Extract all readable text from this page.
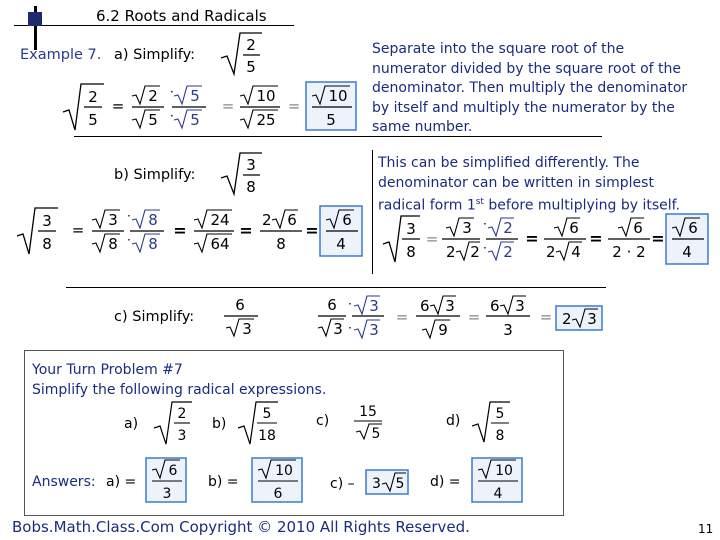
6.2 Roots and Radicals
Example 7. a) Simplify:	Separate into the square root of the numerator divided by the square root of the denominator. Then multiply the denominator by itself and multiply the numerator by the same number.
2
5
2
5
=
2
5
· 5
· 5
=
10
25
=
10
5
b) Simplify:
3
8
This can be simplified differently. The denominator can be written in simplest radical form 1st before multiplying by itself.
3
8
=
3
8
· 8
· 8
=
24
64
=
2 6
8
=
6
4
3
8
=
3
2 2
· 2
· 2
=
6
2 4
=
6
2 · 2
=
6
4
c) Simplify:
6
3
6
3
· 3
· 3
=
6 3
9
=
6 3
3
= 2 3
Your Turn Problem #7
Simplify the following radical expressions.
a)
2
3
b)
5
18
c)
15
5
d)	5
8
Answers: a) =
6
3
b) =
10
6
c) – 3 5 d) =
10
4
Bobs.Math.Class.Com Copyright © 2010 All Rights Reserved.	11
